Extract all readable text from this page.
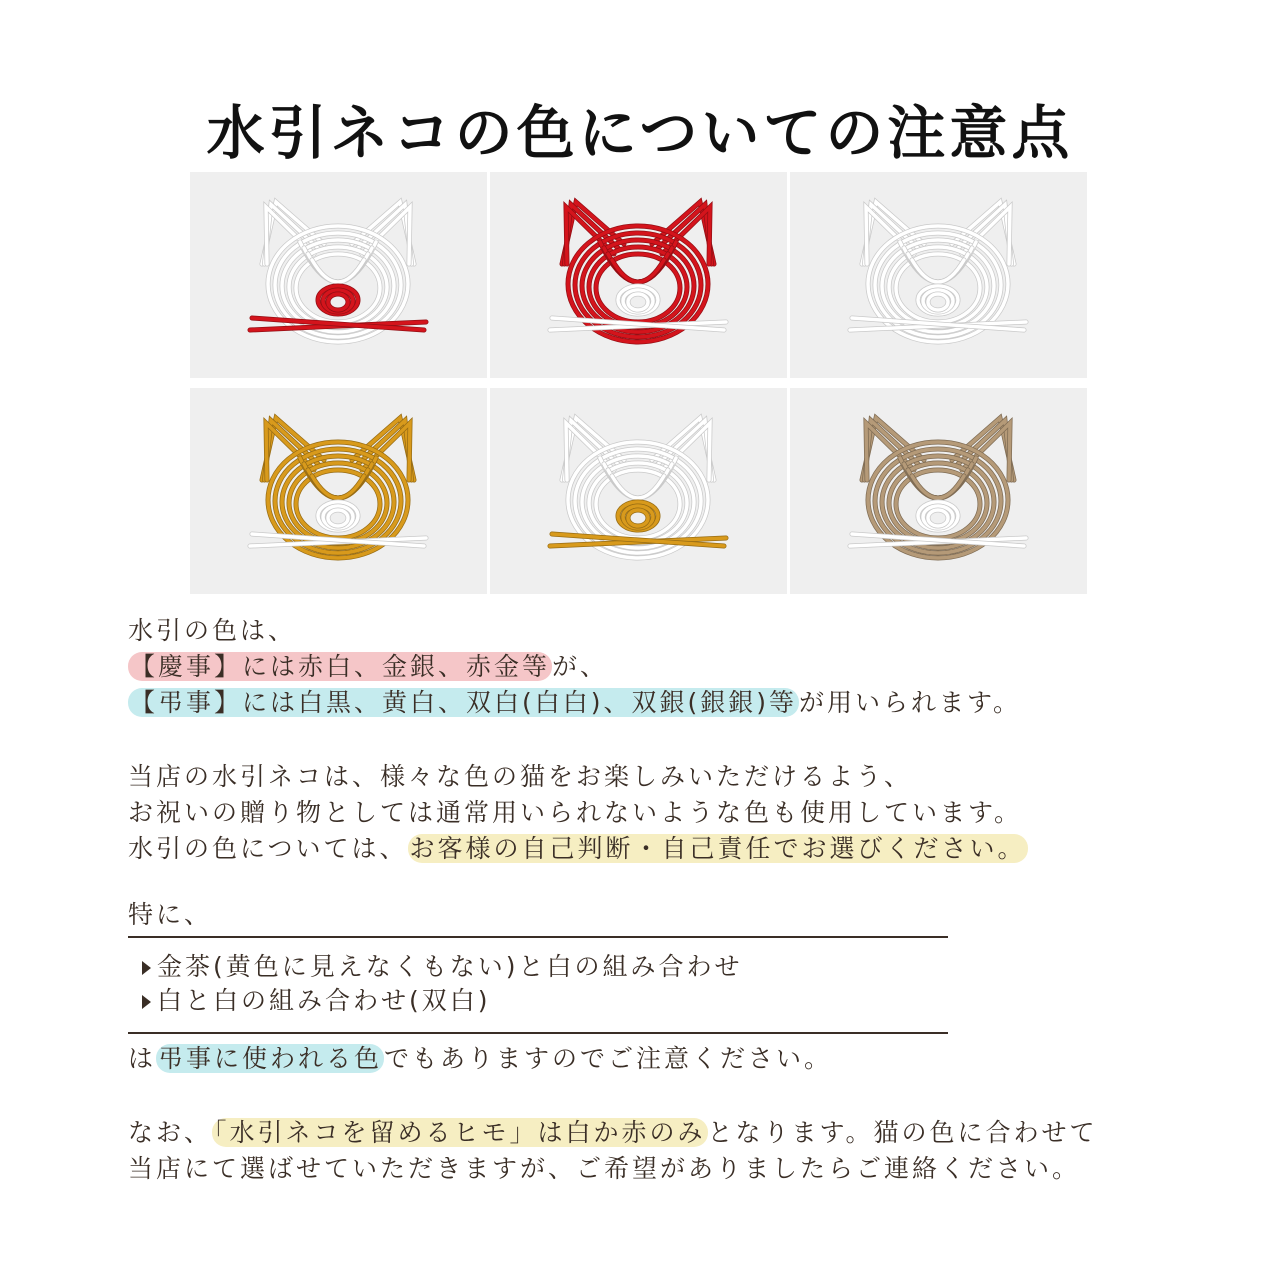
水引ネコの色についての注意点
水引の色は、
【慶事】には赤白、金銀、赤金等が、
【弔事】には白黒、黄白、双白(白白)、双銀(銀銀)等が用いられます。
当店の水引ネコは、様々な色の猫をお楽しみいただけるよう、
お祝いの贈り物としては通常用いられないような色も使用しています。
水引の色については、お客様の自己判断・自己責任でお選びください。
特に、
金茶(黄色に見えなくもない)と白の組み合わせ
白と白の組み合わせ(双白)
は弔事に使われる色でもありますのでご注意ください。
なお、「水引ネコを留めるヒモ」は白か赤のみとなります。猫の色に合わせて
当店にて選ばせていただきますが、ご希望がありましたらご連絡ください。
